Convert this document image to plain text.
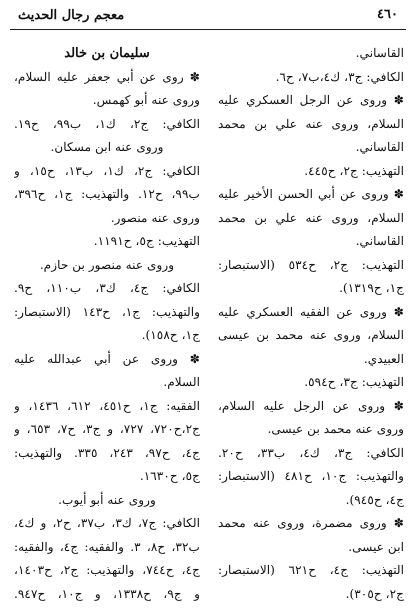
معجم رجال الحديث	٤٦٠
القاساني.
الكافي: ج٣، ك٤،ب٧، ح٦.
✽ وروى عن الرجل العسكري عليه
السلام، وروى عنه علي بن محمد
القاساني.
التهذيب: ج٢، ح٤٤٥.
✽ وروى عن أبي الحسن الأخير عليه
السلام، وروى عنه علي بن محمد
القاساني.
التهذيب: ج٢، ح٥٣٤ (الاستبصار:
ج١، ح١٣١٩).
✽ وروى عن الفقيه العسكري عليه
السلام، وروى عنه محمد بن عيسى
العبيدي.
التهذيب: ج٣، ح٥٩٤.
✽ وروى عن الرجل عليه السلام،
وروى عنه محمد بن عيسى.
الكافي: ج٣، ك٤، ب٣٣، ح٢٠.
والتهذيب: ج١٠، ح٤٨١ (الاستبصار:
ج٤، ح٩٤٥).
✽ وروى مضمرة، وروى عنه محمد
ابن عيسى.
التهذيب: ج٤، ح٦٢١ (الاستبصار:
ج٢، ح٣٠٥).
سليمان بن خالد
✽ روى عن أبي جعفر عليه السلام،
وروى عنه أبو كهمس.
الكافي: ج٢، ك١، ب٩٩، ح١٩.
وروى عنه ابن مسكان.
الكافي: ج٢، ك١، ب١٣، ح١٥، و
ب٩٩، ح١٢. والتهذيب: ج١، ح٣٩٦،
وروى عنه منصور.
التهذيب: ج٥، ح١١٩١.
وروى عنه منصور بن حازم.
الكافي: ج٤، ك٣، ب١١٠، ح٩.
والتهذيب: ج١، ح١٤٣ (الاستبصار:
ج١، ح١٥٨).
✽ وروى عن أبي عبدالله عليه
السلام.
الفقيه: ج١، ح٤٥١، ٦١٢، ١٤٣٦، و
ج٢،ح٧٢٠، ٧٢٧، و ج٣، ح٧، ٦٥٣، و
ج٤، ح٩٧، ٢٤٣، ٣٣٥. والتهذيب:
ج٥، ح١٦٣٠.
وروى عنه أبو أيوب.
الكافي: ج٧، ك٣، ب٣٧، ح٢، و ك٤،
ب٣٢، ح٨، ٣. والفقيه: ج٤، والفقيه:
ج٤، ح٧٤٤، والتهذيب: ج٢، ح١٤٠٣،
و ج٩، ح١٣٣٨، و ج١٠، ح٩٤٧.
